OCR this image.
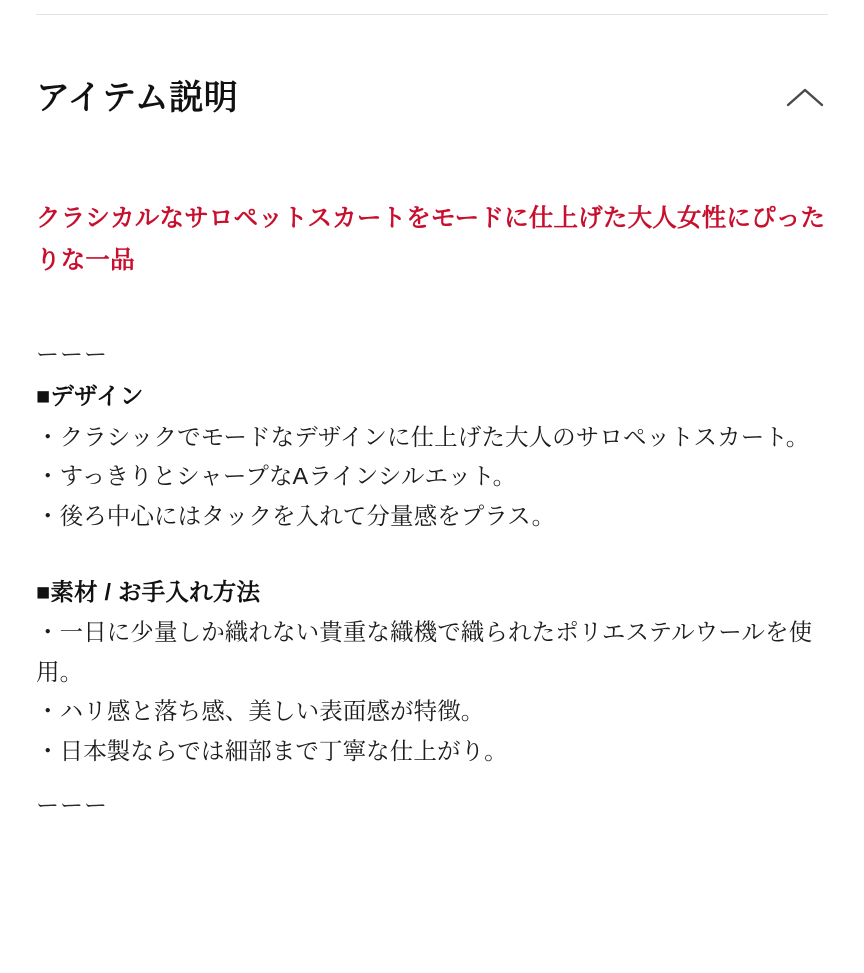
アイテム説明

クラシカルなサロペットスカートをモードに仕上げた大人女性にぴったりな一品

ーーー
■デザイン
・クラシックでモードなデザインに仕上げた大人のサロペットスカート。
・すっきりとシャープなAラインシルエット。
・後ろ中心にはタックを入れて分量感をプラス。
■素材 / お手入れ方法
・一日に少量しか織れない貴重な織機で織られたポリエステルウールを使用。
・ハリ感と落ち感、美しい表面感が特徴。
・日本製ならでは細部まで丁寧な仕上がり。
ーーー
